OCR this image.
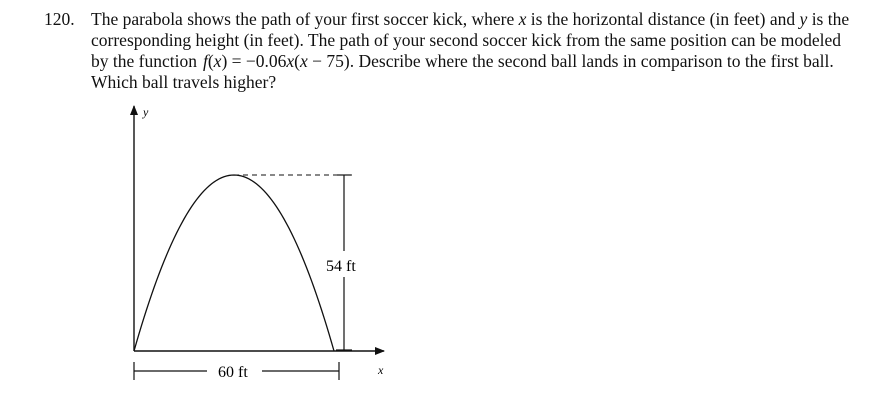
120. The parabola shows the path of your first soccer kick, where x is the horizontal distance (in feet) and y is the
corresponding height (in feet). The path of your second soccer kick from the same position can be modeled
by the function f(x) = −0.06x(x − 75). Describe where the second ball lands in comparison to the first ball.
Which ball travels higher?
y
x
54 ft
60 ft
